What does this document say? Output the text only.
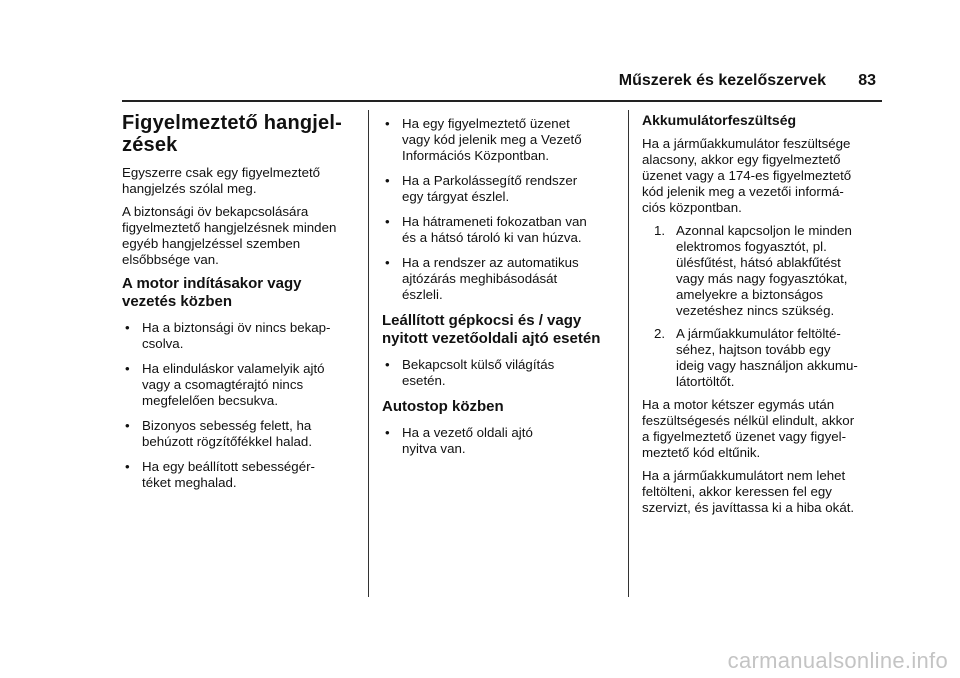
Műszerek és kezelőszervek 83
Figyelmeztető hangjel-
zések

Egyszerre csak egy figyelmeztető
hangjelzés szólal meg.

A biztonsági öv bekapcsolására
figyelmeztető hangjelzésnek minden
egyéb hangjelzéssel szemben
elsőbbsége van.

A motor indításakor vagy
vezetés közben
• Ha a biztonsági öv nincs bekap-
csolva.
• Ha elinduláskor valamelyik ajtó
vagy a csomagtérajtó nincs
megfelelően becsukva.
• Bizonyos sebesség felett, ha
behúzott rögzítőfékkel halad.
• Ha egy beállított sebességér-
téket meghalad.
• Ha egy figyelmeztető üzenet
vagy kód jelenik meg a Vezető
Információs Központban.
• Ha a Parkolássegítő rendszer
egy tárgyat észlel.
• Ha hátrameneti fokozatban van
és a hátsó tároló ki van húzva.
• Ha a rendszer az automatikus
ajtózárás meghibásodását
észleli.
Leállított gépkocsi és / vagy
nyitott vezetőoldali ajtó esetén
• Bekapcsolt külső világítás
esetén.
Autostop közben
• Ha a vezető oldali ajtó
nyitva van.
Akkumulátorfeszültség

Ha a járműakkumulátor feszültsége
alacsony, akkor egy figyelmeztető
üzenet vagy a 174-es figyelmeztető
kód jelenik meg a vezetői informá-
ciós központban.

1. Azonnal kapcsoljon le minden
elektromos fogyasztót, pl.
ülésfűtést, hátsó ablakfűtést
vagy más nagy fogyasztókat,
amelyekre a biztonságos
vezetéshez nincs szükség.
2. A járműakkumulátor feltölté-
séhez, hajtson tovább egy
ideig vagy használjon akkumu-
látortöltőt.

Ha a motor kétszer egymás után
feszültségesés nélkül elindult, akkor
a figyelmeztető üzenet vagy figyel-
meztető kód eltűnik.

Ha a járműakkumulátort nem lehet
feltölteni, akkor keressen fel egy
szervizt, és javíttassa ki a hiba okát.

carmanualsonline.info
